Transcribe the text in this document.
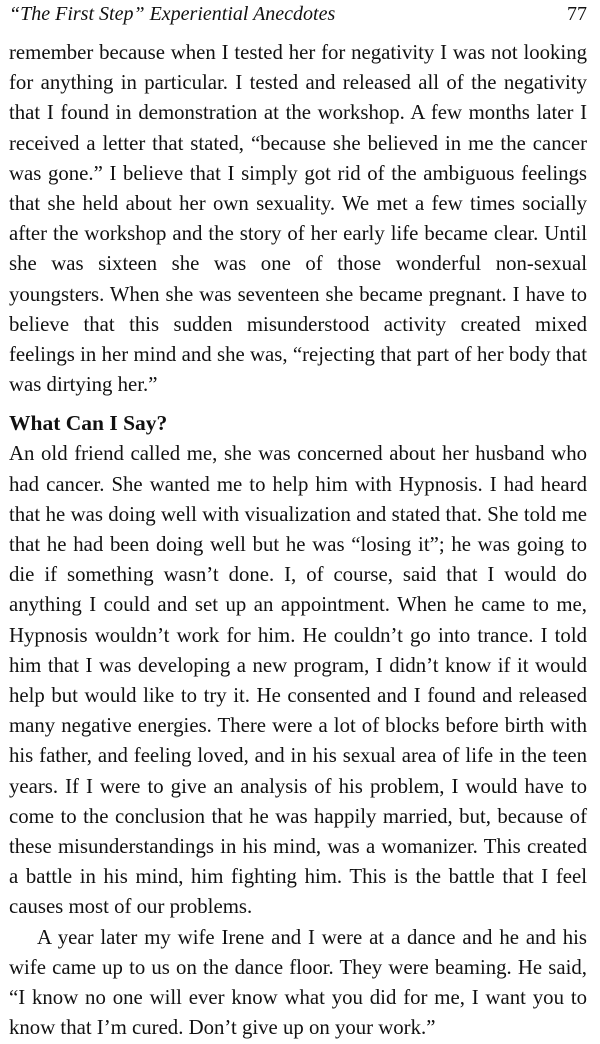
“The First Step” Experiential Anecdotes	77

remember because when I tested her for negativity I was not looking for anything in particular. I tested and released all of the negativity that I found in demonstration at the workshop. A few months later I received a letter that stated, “because she believed in me the cancer was gone.” I believe that I simply got rid of the ambiguous feelings that she held about her own sexuality. We met a few times socially after the workshop and the story of her early life became clear. Until she was sixteen she was one of those wonderful non-sexual youngsters. When she was seventeen she became pregnant. I have to believe that this sudden misunderstood activity created mixed feelings in her mind and she was, “rejecting that part of her body that was dirtying her.”

What Can I Say?

An old friend called me, she was concerned about her husband who had cancer. She wanted me to help him with Hypnosis. I had heard that he was doing well with visualization and stated that. She told me that he had been doing well but he was “losing it”; he was going to die if something wasn’t done. I, of course, said that I would do anything I could and set up an appointment. When he came to me, Hypnosis wouldn’t work for him. He couldn’t go into trance. I told him that I was developing a new program, I didn’t know if it would help but would like to try it. He consented and I found and released many negative energies. There were a lot of blocks before birth with his father, and feeling loved, and in his sexual area of life in the teen years. If I were to give an analysis of his problem, I would have to come to the conclusion that he was happily married, but, because of these misunderstandings in his mind, was a womanizer. This created a battle in his mind, him fighting him. This is the battle that I feel causes most of our problems.

A year later my wife Irene and I were at a dance and he and his wife came up to us on the dance floor. They were beaming. He said, “I know no one will ever know what you did for me, I want you to know that I’m cured. Don’t give up on your work.”
